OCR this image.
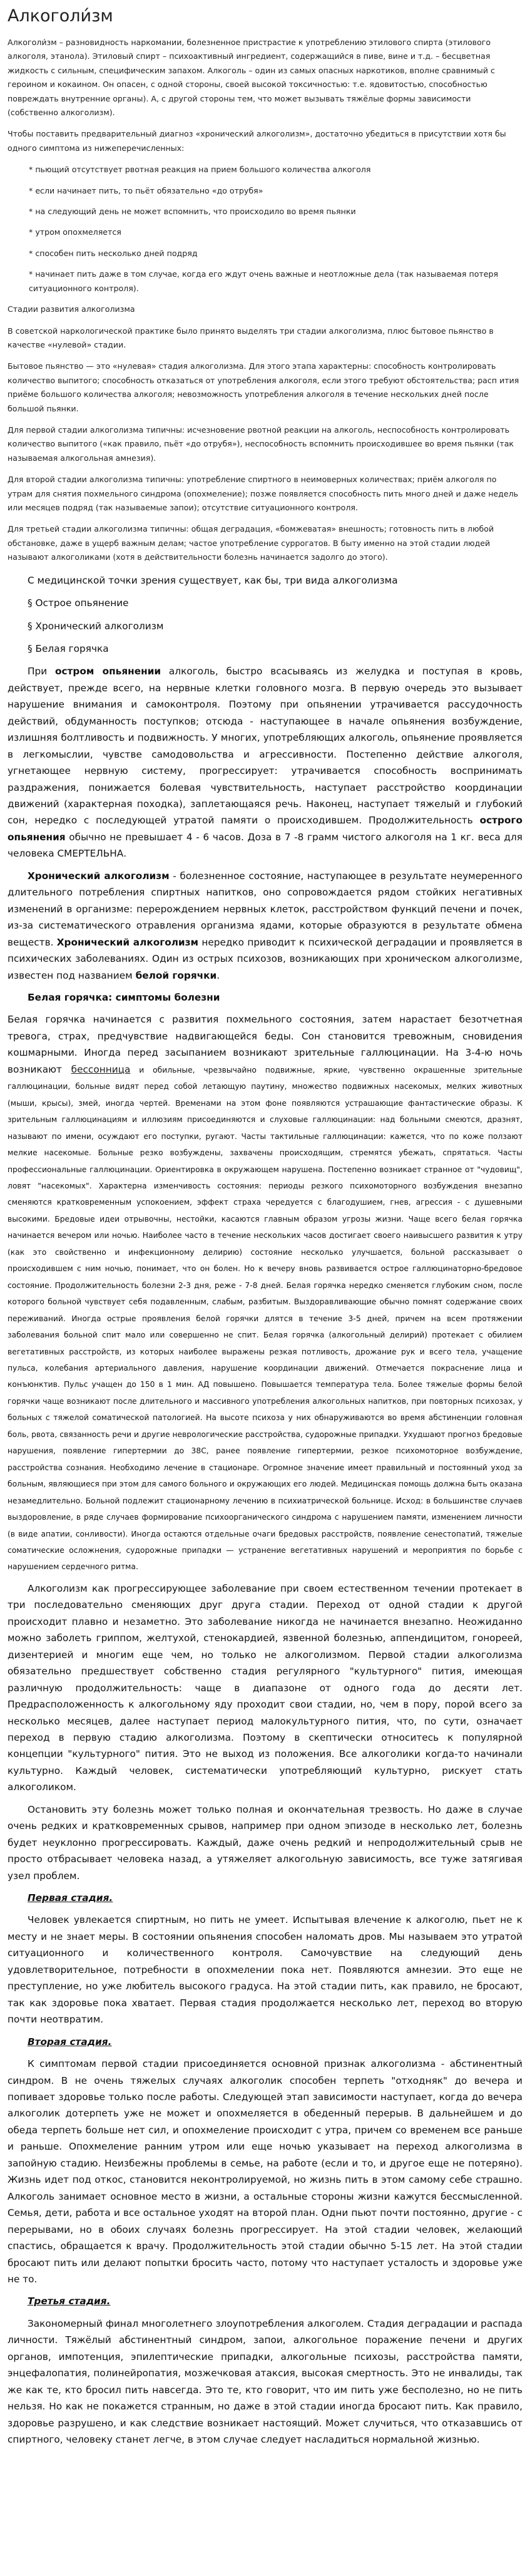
Алкоголи́зм

Алкоголи́зм – разновидность наркомании, болезненное пристрастие к употреблению этилового спирта (этилового алкоголя, этанола). Этиловый спирт – психоактивный ингредиент, содержащийся в пиве, вине и т.д. – бесцветная жидкость с сильным, специфическим запахом. Алкоголь – один из самых опасных наркотиков, вполне сравнимый с героином и кокаином. Он опасен, с одной стороны, своей высокой токсичностью: т.е. ядовитостью, способностью повреждать внутренние органы). А, с другой стороны тем, что может вызывать тяжёлые формы зависимости (собственно алкоголизм).

Чтобы поставить предварительный диагноз «хронический алкоголизм», достаточно убедиться в присутствии хотя бы одного симптома из нижеперечисленных:

* пьющий отсутствует рвотная реакция на прием большого количества алкоголя

* если начинает пить, то пьёт обязательно «до отрубя»

* на следующий день не может вспомнить, что происходило во время пьянки

* утром опохмеляется

* способен пить несколько дней подряд

* начинает пить даже в том случае, когда его ждут очень важные и неотложные дела (так называемая потеря ситуационного контроля).

Стадии развития алкоголизма

В советской наркологической практике было принято выделять три стадии алкоголизма, плюс бытовое пьянство в качестве «нулевой» стадии.

Бытовое пьянство — это «нулевая» стадия алкоголизма. Для этого этапа характерны: способность контролировать количество выпитого; способность отказаться от употребления алкоголя, если этого требуют обстоятельства; расп ития приёме большого количества алкоголя; невозможность употребления алкоголя в течение нескольких дней после большой пьянки.

Для первой стадии алкоголизма типичны: исчезновение рвотной реакции на алкоголь, неспособность контролировать количество выпитого («как правило, пьёт «до отрубя»), неспособность вспомнить происходившее во время пьянки (так называемая алкогольная амнезия).

Для второй стадии алкоголизма типичны: употребление спиртного в неимоверных количествах; приём алкоголя по утрам для снятия похмельного синдрома (опохмеление); позже появляется способность пить много дней и даже недель или месяцев подряд (так называемые запои); отсутствие ситуационного контроля.

Для третьей стадии алкоголизма типичны: общая деградация, «бомжеватая» внешность; готовность пить в любой обстановке, даже в ущерб важным делам; частое употребление суррогатов. В быту именно на этой стадии людей называют алкоголиками (хотя в действительности болезнь начинается задолго до этого).

С медицинской точки зрения существует, как бы, три вида алкоголизма
§ Острое опьянение
§ Хронический алкоголизм
§ Белая горячка

При остром опьянении алкоголь, быстро всасываясь из желудка и поступая в кровь, действует, прежде всего, на нервные клетки головного мозга. В первую очередь это вызывает нарушение внимания и самоконтроля. Поэтому при опьянении утрачивается рассудочность действий, обдуманность поступков; отсюда - наступающее в начале опьянения возбуждение, излишняя болтливость и подвижность. У многих, употребляющих алкоголь, опьянение проявляется в легкомыслии, чувстве самодовольства и агрессивности. Постепенно действие алкоголя, угнетающее нервную систему, прогрессирует: утрачивается способность воспринимать раздражения, понижается болевая чувствительность, наступает расстройство координации движений (характерная походка), заплетающаяся речь. Наконец, наступает тяжелый и глубокий сон, нередко с последующей утратой памяти о происходившем. Продолжительность острого опьянения обычно не превышает 4 - 6 часов. Доза в 7 -8 грамм чистого алкоголя на 1 кг. веса для человека СМЕРТЕЛЬНА.

Хронический алкоголизм - болезненное состояние, наступающее в результате неумеренного длительного потребления спиртных напитков, оно сопровождается рядом стойких негативных изменений в организме: перерождением нервных клеток, расстройством функций печени и почек, из-за систематического отравления организма ядами, которые образуются в результате обмена веществ. Хронический алкоголизм нередко приводит к психической деградации и проявляется в психических заболеваниях. Один из острых психозов, возникающих при хроническом алкоголизме, известен под названием белой горячки.

Белая горячка: симптомы болезни

Белая горячка начинается с развития похмельного состояния, затем нарастает безотчетная тревога, страх, предчувствие надвигающейся беды. Сон становится тревожным, сновидения кошмарными. Иногда перед засыпанием возникают зрительные галлюцинации. На 3-4-ю ночь возникают бессонница и обильные, чрезвычайно подвижные, яркие, чувственно окрашенные зрительные галлюцинации, больные видят перед собой летающую паутину, множество подвижных насекомых, мелких животных (мыши, крысы), змей, иногда чертей. Временами на этом фоне появляются устрашающие фантастические образы. К зрительным галлюцинациям и иллюзиям присоединяются и слуховые галлюцинации: над больными смеются, дразнят, называют по имени, осуждают его поступки, ругают. Часты тактильные галлюцинации: кажется, что по коже ползают мелкие насекомые. Больные резко возбуждены, захвачены происходящим, стремятся убежать, спрятаться. Часты профессиональные галлюцинации. Ориентировка в окружающем нарушена. Постепенно возникает странное от "чудовищ", ловят "насекомых". Характерна изменчивость состояния: периоды резкого психомоторного возбуждения внезапно сменяются кратковременным успокоением, эффект страха чередуется с благодушием, гнев, агрессия - с душевными высокими. Бредовые идеи отрывочны, нестойки, касаются главным образом угрозы жизни. Чаще всего белая горячка начинается вечером или ночью. Наиболее часто в течение нескольких часов достигает своего наивысшего развития к утру (как это свойственно и инфекционному делирию) состояние несколько улучшается, больной рассказывает о происходившем с ним ночью, понимает, что он болен. Но к вечеру вновь развивается острое галлюцинаторно-бредовое состояние. Продолжительность болезни 2-3 дня, реже - 7-8 дней. Белая горячка нередко сменяется глубоким сном, после которого больной чувствует себя подавленным, слабым, разбитым. Выздоравливающие обычно помнят содержание своих переживаний. Иногда острые проявления белой горячки длятся в течение 3-5 дней, причем на всем протяжении заболевания больной спит мало или совершенно не спит. Белая горячка (алкогольный делирий) протекает с обилием вегетативных расстройств, из которых наиболее выражены резкая потливость, дрожание рук и всего тела, учащение пульса, колебания артериального давления, нарушение координации движений. Отмечается покраснение лица и конъюнктив. Пульс учащен до 150 в 1 мин. АД повышено. Повышается температура тела. Более тяжелые формы белой горячки чаще возникают после длительного и массивного употребления алкогольных напитков, при повторных психозах, у больных с тяжелой соматической патологией. На высоте психоза у них обнаруживаются во время абстиненции головная боль, рвота, связанность речи и другие неврологические расстройства, судорожные припадки. Ухудшают прогноз бредовые нарушения, появление гипертермии до 38С, ранее появление гипертермии, резкое психомоторное возбуждение, расстройства сознания. Необходимо лечение в стационаре. Огромное значение имеет правильный и постоянный уход за больным, являющиеся при этом для самого больного и окружающих его людей. Медицинская помощь должна быть оказана незамедлительно. Больной подлежит стационарному лечению в психиатрической больнице. Исход: в большинстве случаев выздоровление, в ряде случаев формирование психоорганического синдрома с нарушением памяти, изменением личности (в виде апатии, сонливости). Иногда остаются отдельные очаги бредовых расстройств, появление сенестопатий, тяжелые соматические осложнения, судорожные припадки — устранение вегетативных нарушений и мероприятия по борьбе с нарушением сердечного ритма.

Алкоголизм как прогрессирующее заболевание при своем естественном течении протекает в три последовательно сменяющих друг друга стадии. Переход от одной стадии к другой происходит плавно и незаметно. Это заболевание никогда не начинается внезапно. Неожиданно можно заболеть гриппом, желтухой, стенокардией, язвенной болезнью, аппендицитом, гонореей, дизентерией и многим еще чем, но только не алкоголизмом. Первой стадии алкоголизма обязательно предшествует собственно стадия регулярного "культурного" пития, имеющая различную продолжительность: чаще в диапазоне от одного года до десяти лет. Предрасположенность к алкогольному яду проходит свои стадии, но, чем в пору, порой всего за несколько месяцев, далее наступает период малокультурного пития, что, по сути, означает переход в первую стадию алкоголизма. Поэтому в скептически относитесь к популярной концепции "культурного" пития. Это не выход из положения. Все алкоголики когда-то начинали культурно. Каждый человек, систематически употребляющий культурно, рискует стать алкоголиком.

Остановить эту болезнь может только полная и окончательная трезвость. Но даже в случае очень редких и кратковременных срывов, например при одном эпизоде в несколько лет, болезнь будет неуклонно прогрессировать. Каждый, даже очень редкий и непродолжительный срыв не просто отбрасывает человека назад, а утяжеляет алкогольную зависимость, все туже затягивая узел проблем.

Первая стадия.

Человек увлекается спиртным, но пить не умеет. Испытывая влечение к алкоголю, пьет не к месту и не знает меры. В состоянии опьянения способен наломать дров. Мы называем это утратой ситуационного и количественного контроля. Самочувствие на следующий день удовлетворительное, потребности в опохмелении пока нет. Появляются амнезии. Это еще не преступление, но уже любитель высокого градуса. На этой стадии пить, как правило, не бросают, так как здоровье пока хватает. Первая стадия продолжается несколько лет, переход во вторую почти неотвратим.

Вторая стадия.

К симптомам первой стадии присоединяется основной признак алкоголизма - абстинентный синдром. В не очень тяжелых случаях алкоголик способен терпеть "отходняк" до вечера и попивает здоровье только после работы. Следующей этап зависимости наступает, когда до вечера алкоголик дотерпеть уже не может и опохмеляется в обеденный перерыв. В дальнейшем и до обеда терпеть больше нет сил, и опохмеление происходит с утра, причем со временем все раньше и раньше. Опохмеление ранним утром или еще ночью указывает на переход алкоголизма в запойную стадию. Неизбежны проблемы в семье, на работе (если и то, и другое еще не потеряно). Жизнь идет под откос, становится неконтролируемой, но жизнь пить в этом самому себе страшно. Алкоголь занимает основное место в жизни, а остальные стороны жизни кажутся бессмысленной. Семья, дети, работа и все остальное уходят на второй план. Одни пьют почти постоянно, другие - с перерывами, но в обоих случаях болезнь прогрессирует. На этой стадии человек, желающий спастись, обращается к врачу. Продолжительность этой стадии обычно 5-15 лет. На этой стадии бросают пить или делают попытки бросить часто, потому что наступает усталость и здоровье уже не то.

Третья стадия.

Закономерный финал многолетнего злоупотребления алкоголем. Стадия деградации и распада личности. Тяжёлый абстинентный синдром, запои, алкогольное поражение печени и других органов, импотенция, эпилептические припадки, алкогольные психозы, расстройства памяти, энцефалопатия, полинейропатия, мозжечковая атаксия, высокая смертность. Это не инвалиды, так же как те, кто бросил пить навсегда. Это те, кто говорит, что им пить уже бесполезно, но не пить нельзя. Но как не покажется странным, но даже в этой стадии иногда бросают пить. Как правило, здоровье разрушено, и как следствие возникает настоящий. Может случиться, что отказавшись от спиртного, человеку станет легче, в этом случае следует насладиться нормальной жизнью.
